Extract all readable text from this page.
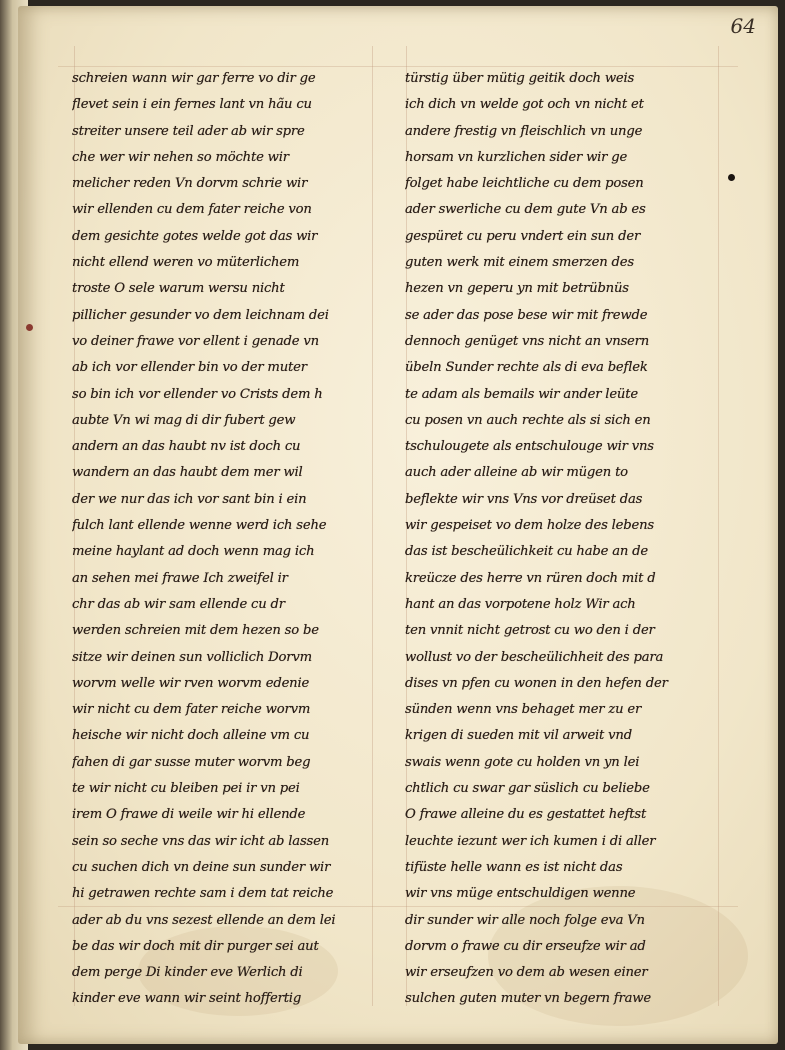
64
schreien wann wir gar ferre vo dir ge
flevet sein i ein fernes lant vn hãu cu
streiter unsere teil ader ab wir spre
che wer wir nehen so möchte wir
melicher reden Vn dorvm schrie wir
wir ellenden cu dem fater reiche von
dem gesichte gotes welde got das wir
nicht ellend weren vo müterlichem
troste O sele warum wersu nicht
pillicher gesunder vo dem leichnam dei
vo deiner frawe vor ellent i genade vn
ab ich vor ellender bin vo der muter
so bin ich vor ellender vo Crists dem h
aubte Vn wi mag di dir fubert gew
andern an das haubt nv ist doch cu
wandern an das haubt dem mer wil
der we nur das ich vor sant bin i ein
fulch lant ellende wenne werd ich sehe
meine haylant ad doch wenn mag ich
an sehen mei frawe Ich zweifel ir
chr das ab wir sam ellende cu dr
werden schreien mit dem hezen so be
sitze wir deinen sun volliclich Dorvm
worvm welle wir rven worvm edenie
wir nicht cu dem fater reiche worvm
heische wir nicht doch alleine vm cu
fahen di gar susse muter worvm beg
te wir nicht cu bleiben pei ir vn pei
irem O frawe di weile wir hi ellende
sein so seche vns das wir icht ab lassen
cu suchen dich vn deine sun sunder wir
hi getrawen rechte sam i dem tat reiche
ader ab du vns sezest ellende an dem lei
be das wir doch mit dir purger sei aut
dem perge Di kinder eve Werlich di
kinder eve wann wir seint hoffertig
türstig über mütig geitik doch weis
ich dich vn welde got och vn nicht et
andere frestig vn fleischlich vn unge
horsam vn kurzlichen sider wir ge
folget habe leichtliche cu dem posen
ader swerliche cu dem gute Vn ab es
gespüret cu peru vndert ein sun der
guten werk mit einem smerzen des
hezen vn geperu yn mit betrübnüs
se ader das pose bese wir mit frewde
dennoch genüget vns nicht an vnsern
übeln Sunder rechte als di eva beflek
te adam als bemails wir ander leüte
cu posen vn auch rechte als si sich en
tschulougete als entschulouge wir vns
auch ader alleine ab wir mügen to
beflekte wir vns Vns vor dreüset das
wir gespeiset vo dem holze des lebens
das ist bescheülichkeit cu habe an de
kreücze des herre vn rüren doch mit d
hant an das vorpotene holz Wir ach
ten vnnit nicht getrost cu wo den i der
wollust vo der bescheülichheit des para
dises vn pfen cu wonen in den hefen der
sünden wenn vns behaget mer zu er
krigen di sueden mit vil arweit vnd
swais wenn gote cu holden vn yn lei
chtlich cu swar gar süslich cu beliebe
O frawe alleine du es gestattet heftst
leuchte iezunt wer ich kumen i di aller
tifüste helle wann es ist nicht das
wir vns müge entschuldigen wenne
dir sunder wir alle noch folge eva Vn
dorvm o frawe cu dir erseufze wir ad
wir erseufzen vo dem ab wesen einer
sulchen guten muter vn begern frawe
